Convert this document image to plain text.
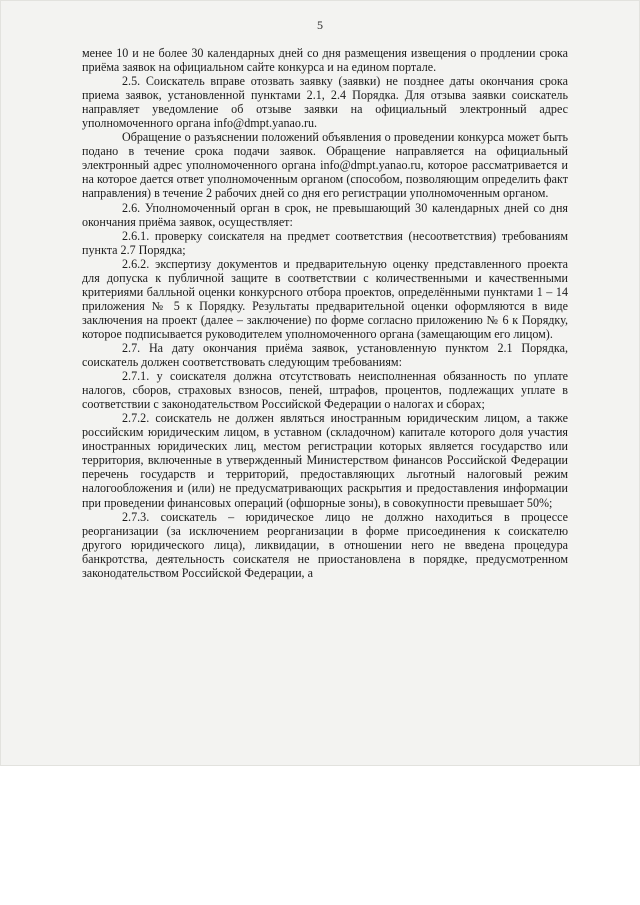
5

менее 10 и не более 30 календарных дней со дня размещения извещения о продлении срока приёма заявок на официальном сайте конкурса и на едином портале.

2.5. Соискатель вправе отозвать заявку (заявки) не позднее даты окончания срока приема заявок, установленной пунктами 2.1, 2.4 Порядка. Для отзыва заявки соискатель направляет уведомление об отзыве заявки на официальный электронный адрес уполномоченного органа info@dmpt.yanao.ru.

Обращение о разъяснении положений объявления о проведении конкурса может быть подано в течение срока подачи заявок. Обращение направляется на официальный электронный адрес уполномоченного органа info@dmpt.yanao.ru, которое рассматривается и на которое дается ответ уполномоченным органом (способом, позволяющим определить факт направления) в течение 2 рабочих дней со дня его регистрации уполномоченным органом.

2.6. Уполномоченный орган в срок, не превышающий 30 календарных дней со дня окончания приёма заявок, осуществляет:

2.6.1. проверку соискателя на предмет соответствия (несоответствия) требованиям пункта 2.7 Порядка;

2.6.2. экспертизу документов и предварительную оценку представленного проекта для допуска к публичной защите в соответствии с количественными и качественными критериями балльной оценки конкурсного отбора проектов, определёнными пунктами 1 – 14 приложения № 5 к Порядку. Результаты предварительной оценки оформляются в виде заключения на проект (далее – заключение) по форме согласно приложению № 6 к Порядку, которое подписывается руководителем уполномоченного органа (замещающим его лицом).

2.7. На дату окончания приёма заявок, установленную пунктом 2.1 Порядка, соискатель должен соответствовать следующим требованиям:

2.7.1. у соискателя должна отсутствовать неисполненная обязанность по уплате налогов, сборов, страховых взносов, пеней, штрафов, процентов, подлежащих уплате в соответствии с законодательством Российской Федерации о налогах и сборах;

2.7.2. соискатель не должен являться иностранным юридическим лицом, а также российским юридическим лицом, в уставном (складочном) капитале которого доля участия иностранных юридических лиц, местом регистрации которых является государство или территория, включенные в утвержденный Министерством финансов Российской Федерации перечень государств и территорий, предоставляющих льготный налоговый режим налогообложения и (или) не предусматривающих раскрытия и предоставления информации при проведении финансовых операций (офшорные зоны), в совокупности превышает 50%;

2.7.3. соискатель – юридическое лицо не должно находиться в процессе реорганизации (за исключением реорганизации в форме присоединения к соискателю другого юридического лица), ликвидации, в отношении него не введена процедура банкротства, деятельность соискателя не приостановлена в порядке, предусмотренном законодательством Российской Федерации, а
